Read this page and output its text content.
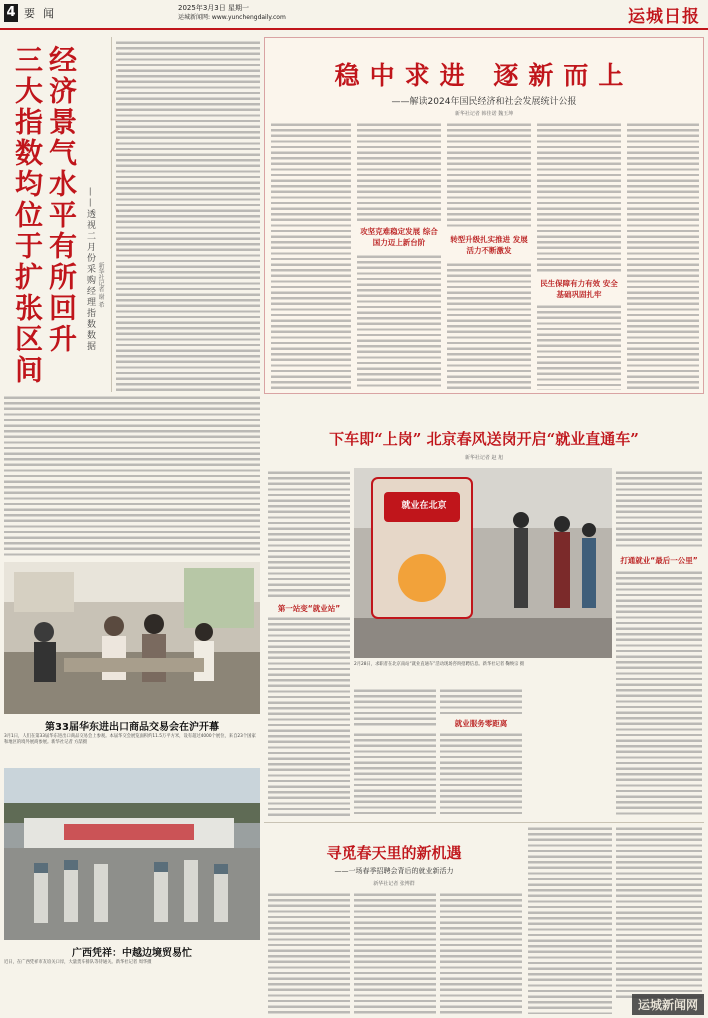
4 要闻	2025年3月3日 星期一
运城新闻网: www.yunchengdaily.com	运城日报
经济景气水平有所回升
三大指数均位于扩张区间	——透视二月份采购经理指数数据 新华社记者 谢 希
第33届华东进出口商品交易会在沪开幕
3月1日，人们在第33届华东进出口商品交易会上参观。本届华交会展览面积约11.5万平方米，设有超过4000个展位，来自23个国家和地区的境外展商参展。新华社记者 方喆摄
广西凭祥：中越边境贸易忙
近日，在广西凭祥市友谊关口岸，大量货车排队等待通关。新华社记者 周华摄
稳中求进 逐新而上
——解读2024年国民经济和社会发展统计公报
新华社记者 韩佳诺 魏玉坤
攻坚克难稳定发展 综合国力迈上新台阶	转型升级扎实推进 发展活力不断激发
民生保障有力有效 安全基础巩固扎牢
下车即“上岗” 北京春风送岗开启“就业直通车”
新华社记者 赵 旭
第一站变“就业站”
就业在北京
2月28日，求职者在北京南站“就业直通车”活动现场咨询招聘信息。新华社记者 鞠焕宗 摄
就业服务零距离
打通就业“最后一公里”
寻觅春天里的新机遇
——一场春季招聘会背后的就业新活力
新华社记者 张博群
运城新闻网
